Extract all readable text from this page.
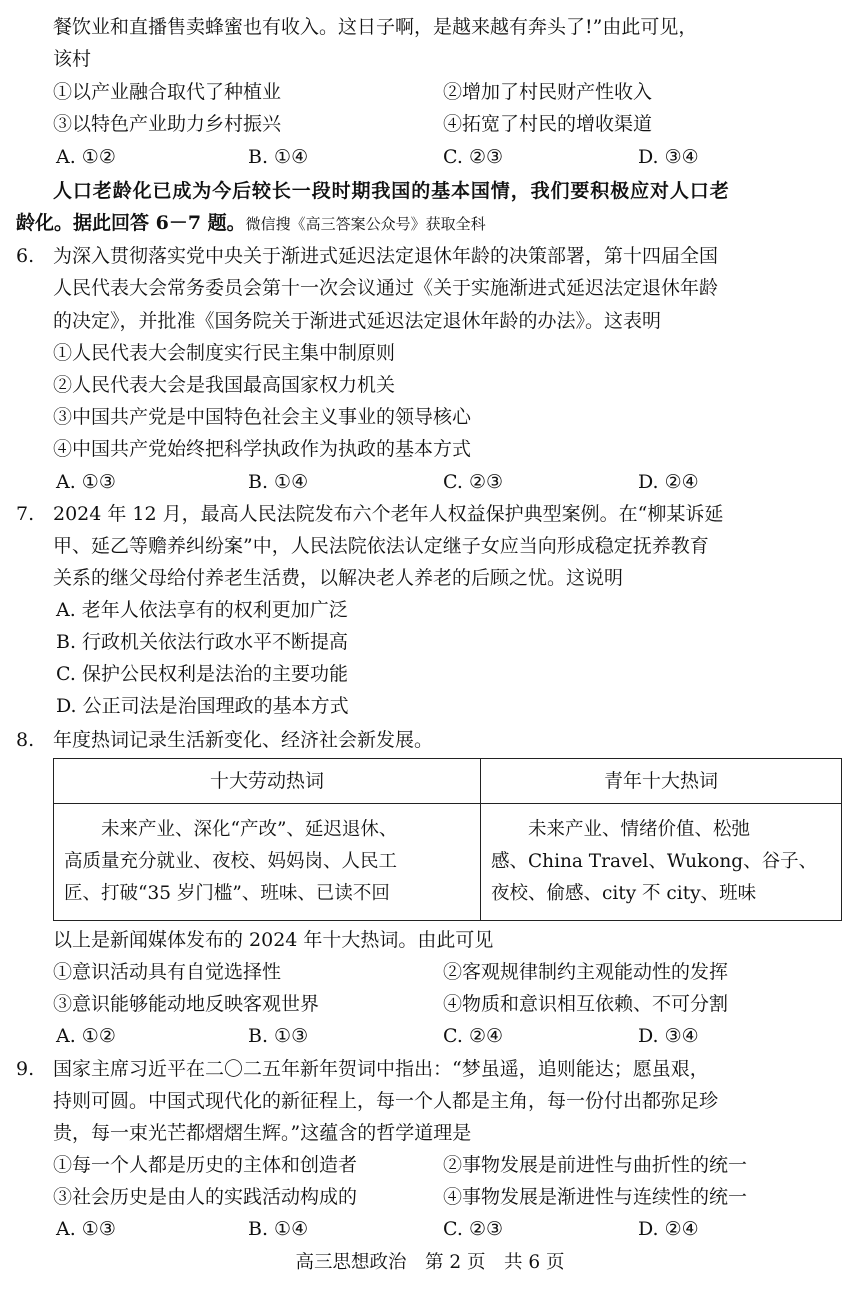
餐饮业和直播售卖蜂蜜也有收入。这日子啊，是越来越有奔头了!”由此可见，
该村
①以产业融合取代了种植业	②增加了村民财产性收入
③以特色产业助力乡村振兴	④拓宽了村民的增收渠道
A. ①②	B. ①④	C. ②③	D. ③④
人口老龄化已成为今后较长一段时期我国的基本国情，我们要积极应对人口老
龄化。据此回答 6－7 题。微信搜《高三答案公众号》获取全科
6. 为深入贯彻落实党中央关于渐进式延迟法定退休年龄的决策部署，第十四届全国
人民代表大会常务委员会第十一次会议通过《关于实施渐进式延迟法定退休年龄
的决定》，并批准《国务院关于渐进式延迟法定退休年龄的办法》。这表明
①人民代表大会制度实行民主集中制原则
②人民代表大会是我国最高国家权力机关
③中国共产党是中国特色社会主义事业的领导核心
④中国共产党始终把科学执政作为执政的基本方式
A. ①③	B. ①④	C. ②③	D. ②④
7. 2024 年 12 月，最高人民法院发布六个老年人权益保护典型案例。在“柳某诉延
甲、延乙等赡养纠纷案”中，人民法院依法认定继子女应当向形成稳定抚养教育
关系的继父母给付养老生活费，以解决老人养老的后顾之忧。这说明
A. 老年人依法享有的权利更加广泛
B. 行政机关依法行政水平不断提高
C. 保护公民权利是法治的主要功能
D. 公正司法是治国理政的基本方式
8. 年度热词记录生活新变化、经济社会新发展。
十大劳动热词	青年十大热词

　　未来产业、深化“产改”、延迟退休、
高质量充分就业、夜校、妈妈岗、人民工
匠、打破“35 岁门槛”、班味、已读不回	　　未来产业、情绪价值、松弛
感、China Travel、Wukong、谷子、
夜校、偷感、city 不 city、班味
以上是新闻媒体发布的 2024 年十大热词。由此可见
①意识活动具有自觉选择性	②客观规律制约主观能动性的发挥
③意识能够能动地反映客观世界	④物质和意识相互依赖、不可分割
A. ①②	B. ①③	C. ②④	D. ③④
9. 国家主席习近平在二〇二五年新年贺词中指出：“梦虽遥，追则能达；愿虽艰，
持则可圆。中国式现代化的新征程上，每一个人都是主角，每一份付出都弥足珍
贵，每一束光芒都熠熠生辉。”这蕴含的哲学道理是
①每一个人都是历史的主体和创造者	②事物发展是前进性与曲折性的统一
③社会历史是由人的实践活动构成的	④事物发展是渐进性与连续性的统一
A. ①③	B. ①④	C. ②③	D. ②④
高三思想政治　第 2 页　共 6 页
